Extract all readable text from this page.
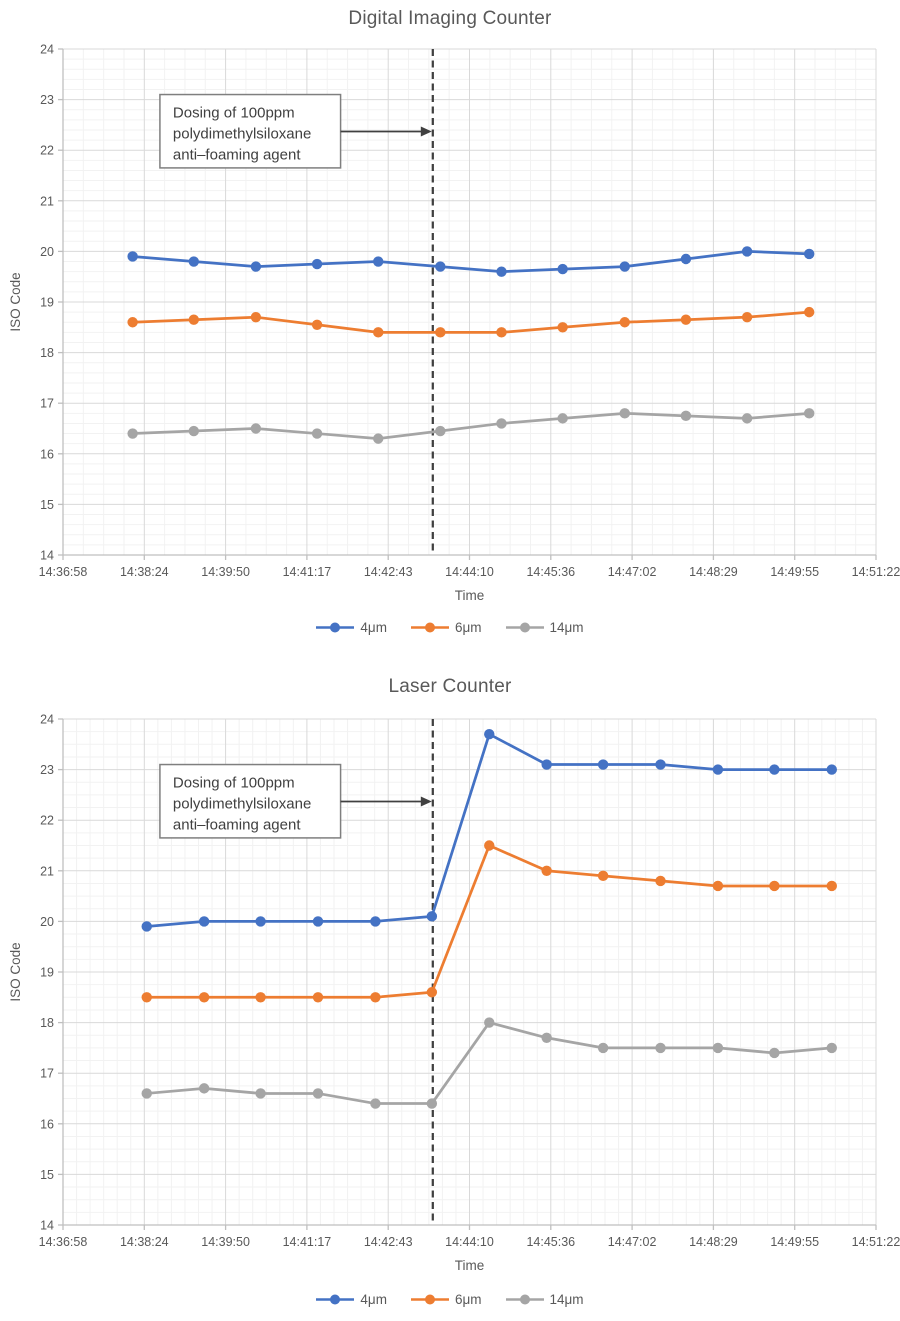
Digital Imaging Counter
14
15
16
17
18
19
20
21
22
23
24
14:36:58	14:38:24	14:39:50	14:41:17	14:42:43	14:44:10	14:45:36	14:47:02	14:48:29	14:49:55	14:51:22
Time
ISO Code
Dosing of 100ppm
polydimethylsiloxane
anti–foaming agent
4μm	6μm	14μm
Laser Counter
14
15
16
17
18
19
20
21
22
23
24
14:36:58	14:38:24	14:39:50	14:41:17	14:42:43	14:44:10	14:45:36	14:47:02	14:48:29	14:49:55	14:51:22
Time
ISO Code
Dosing of 100ppm
polydimethylsiloxane
anti–foaming agent
4μm	6μm	14μm
